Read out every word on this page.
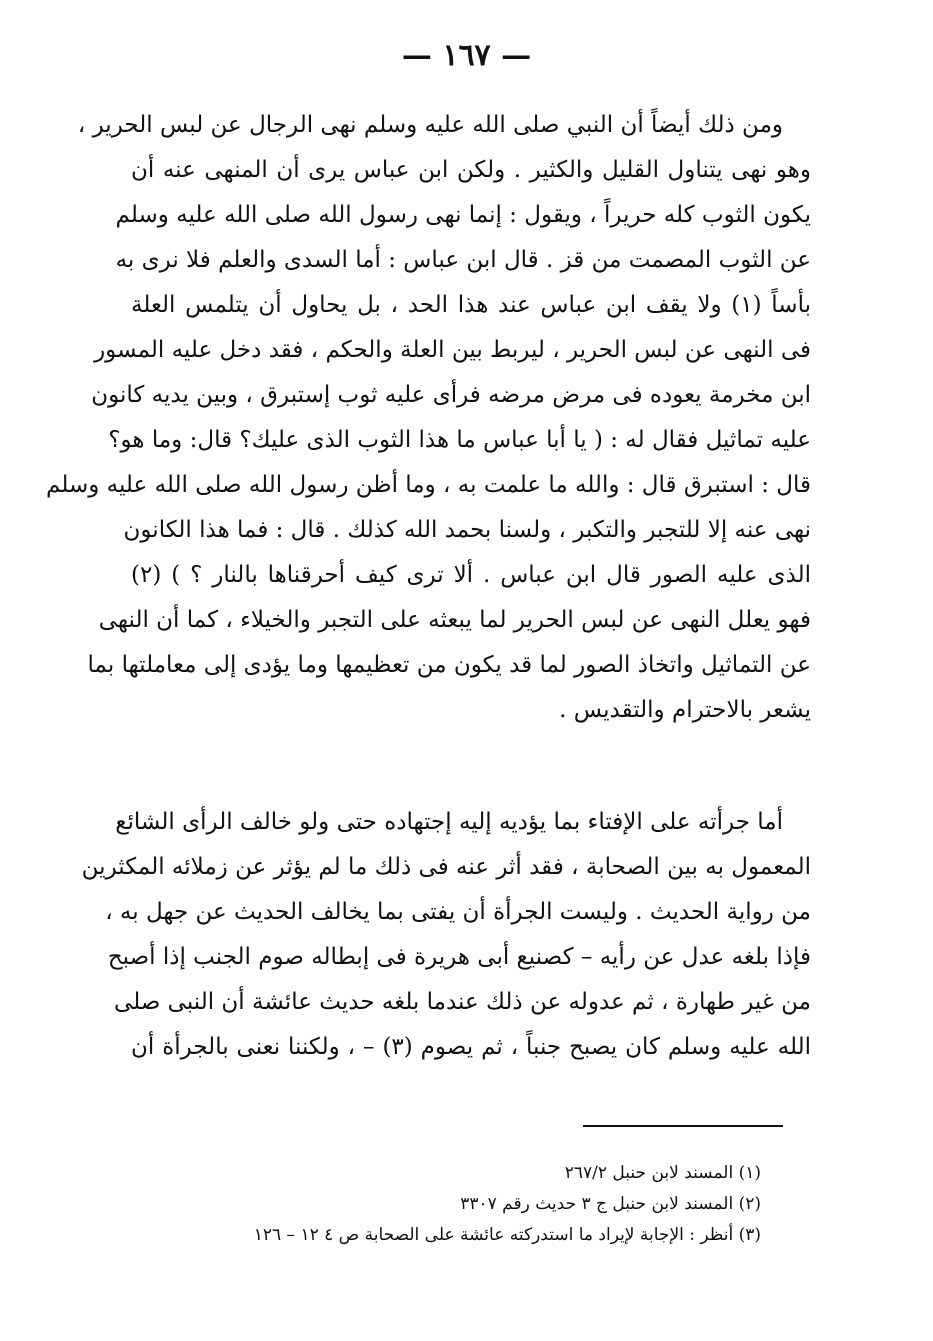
— ١٦٧ —
ومن ذلك أيضاً أن النبي صلى الله عليه وسلم نهى الرجال عن لبس الحرير ،
وهو نهى يتناول القليل والكثير . ولكن ابن عباس يرى أن المنهى عنه أن
يكون الثوب كله حريراً ، ويقول : إنما نهى رسول الله صلى الله عليه وسلم
عن الثوب المصمت من قز . قال ابن عباس : أما السدى والعلم فلا نرى به
بأساً (١) ولا يقف ابن عباس عند هذا الحد ، بل يحاول أن يتلمس العلة
فى النهى عن لبس الحرير ، ليربط بين العلة والحكم ، فقد دخل عليه المسور
ابن مخرمة يعوده فى مرض مرضه فرأى عليه ثوب إستبرق ، وبين يديه كانون
عليه تماثيل فقال له : ( يا أبا عباس ما هذا الثوب الذى عليك؟ قال: وما هو؟
قال : استبرق قال : والله ما علمت به ، وما أظن رسول الله صلى الله عليه وسلم
نهى عنه إلا للتجبر والتكبر ، ولسنا بحمد الله كذلك . قال : فما هذا الكانون
الذى عليه الصور قال ابن عباس . ألا ترى كيف أحرقناها بالنار ؟ ) (٢)
فهو يعلل النهى عن لبس الحرير لما يبعثه على التجبر والخيلاء ، كما أن النهى
عن التماثيل واتخاذ الصور لما قد يكون من تعظيمها وما يؤدى إلى معاملتها بما
يشعر بالاحترام والتقديس .
أما جرأته على الإفتاء بما يؤديه إليه إجتهاده حتى ولو خالف الرأى الشائع
المعمول به بين الصحابة ، فقد أثر عنه فى ذلك ما لم يؤثر عن زملائه المكثرين
من رواية الحديث . وليست الجرأة أن يفتى بما يخالف الحديث عن جهل به ،
فإذا بلغه عدل عن رأيه – كصنيع أبى هريرة فى إبطاله صوم الجنب إذا أصبح
من غير طهارة ، ثم عدوله عن ذلك عندما بلغه حديث عائشة أن النبى صلى
الله عليه وسلم كان يصبح جنباً ، ثم يصوم (٣) – ، ولكننا نعنى بالجرأة أن
(١) المسند لابن حنبل ٢٦٧/٢
(٢) المسند لابن حنبل ج ٣ حديث رقم ٣٣٠٧
(٣) أنظر : الإجابة لإيراد ما استدركته عائشة على الصحابة ص ٤ ١٢ – ١٢٦
